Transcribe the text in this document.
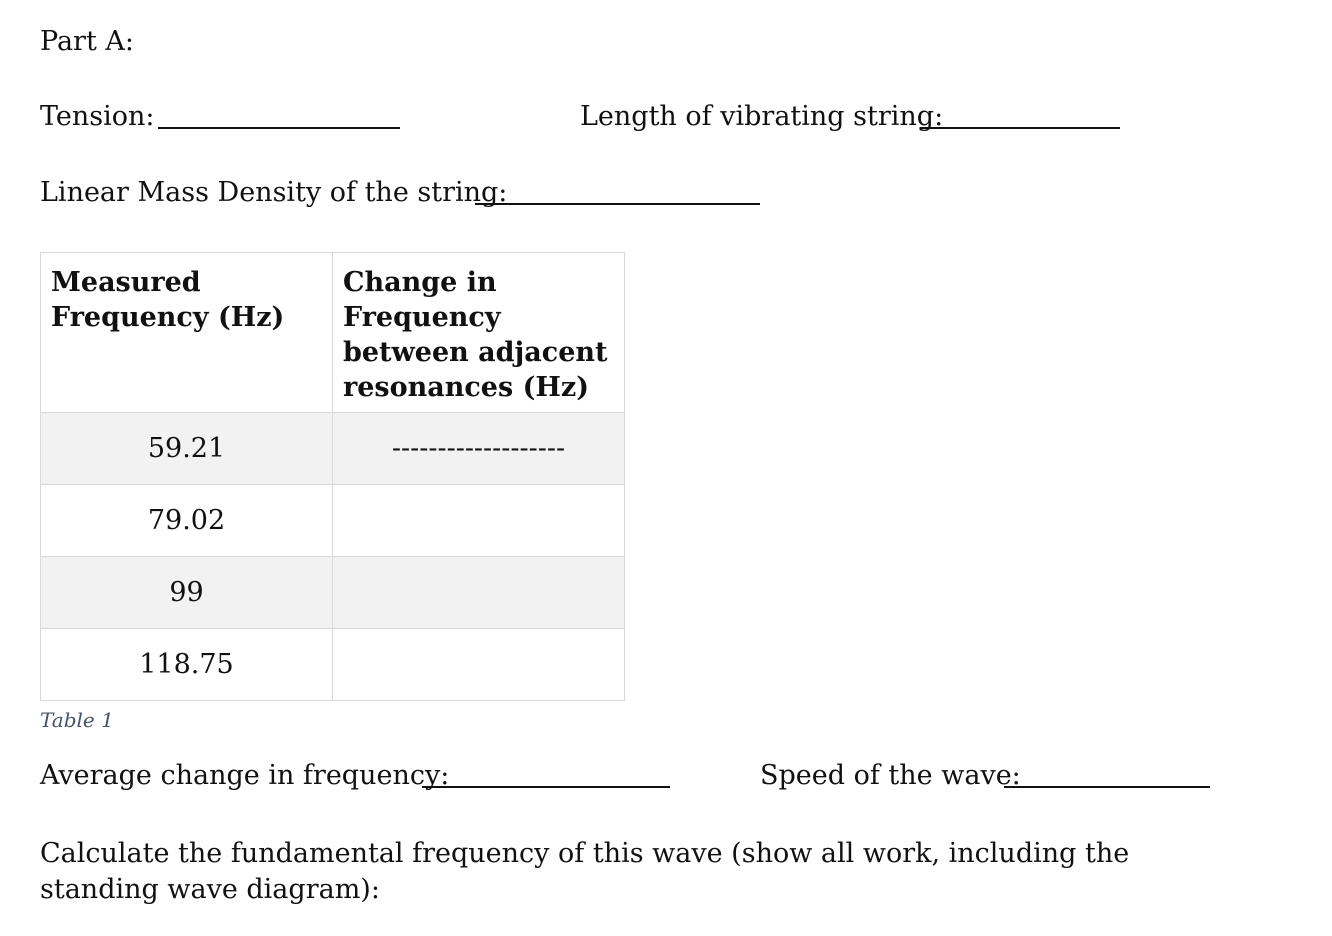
Part A:
Tension:	Length of vibrating string:
Linear Mass Density of the string:
Measured Frequency (Hz)	Change in Frequency between adjacent resonances (Hz)
59.21	-------------------
79.02	
99	
118.75	
Table 1
Average change in frequency:	Speed of the wave:
Calculate the fundamental frequency of this wave (show all work, including the standing wave diagram):
